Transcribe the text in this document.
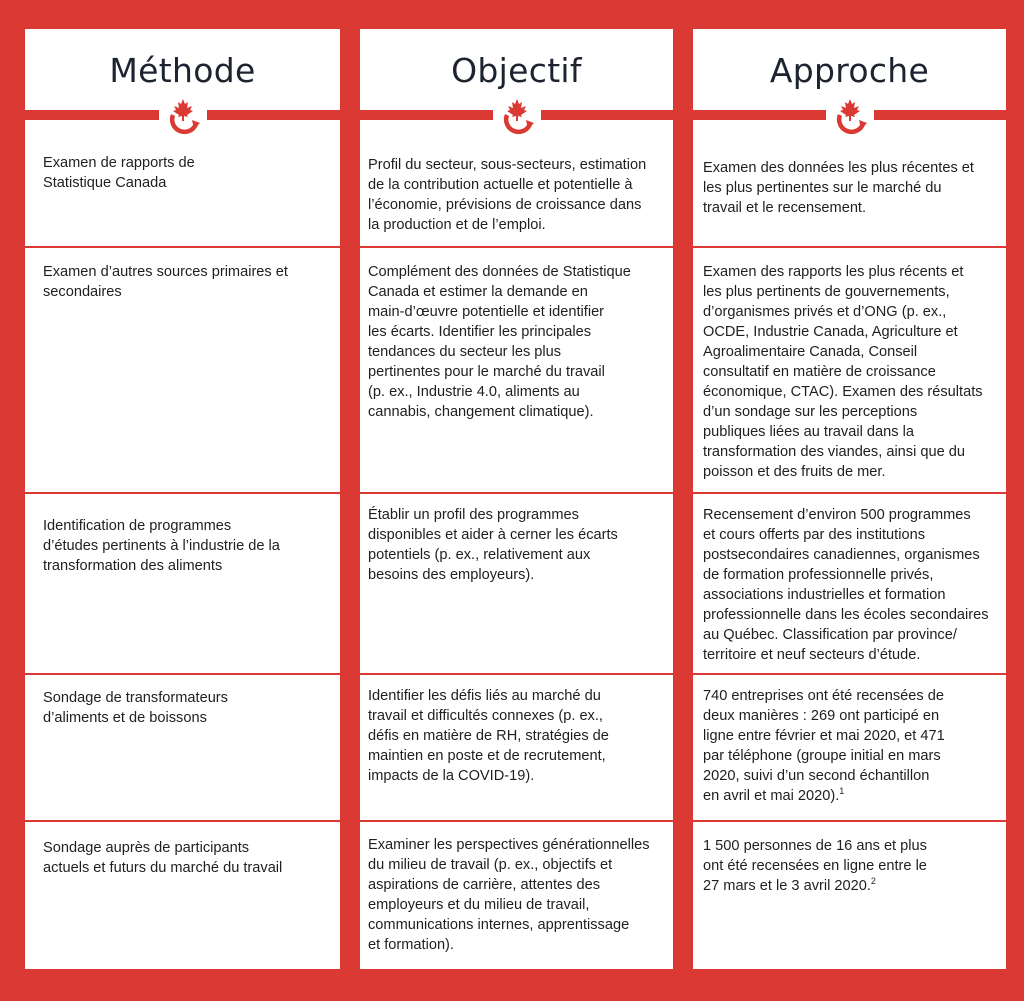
Méthode
Examen de rapports de
Statistique Canada
Examen d’autres sources primaires et
secondaires
Identification de programmes
d’études pertinents à l’industrie de la
transformation des aliments
Sondage de transformateurs
d’aliments et de boissons
Sondage auprès de participants
actuels et futurs du marché du travail
Objectif
Profil du secteur, sous-secteurs, estimation
de la contribution actuelle et potentielle à
l’économie, prévisions de croissance dans
la production et de l’emploi.
Complément des données de Statistique
Canada et estimer la demande en
main-d’œuvre potentielle et identifier
les écarts. Identifier les principales
tendances du secteur les plus
pertinentes pour le marché du travail
(p. ex., Industrie 4.0, aliments au
cannabis, changement climatique).
Établir un profil des programmes
disponibles et aider à cerner les écarts
potentiels (p. ex., relativement aux
besoins des employeurs).
Identifier les défis liés au marché du
travail et difficultés connexes (p. ex.,
défis en matière de RH, stratégies de
maintien en poste et de recrutement,
impacts de la COVID-19).
Examiner les perspectives générationnelles
du milieu de travail (p. ex., objectifs et
aspirations de carrière, attentes des
employeurs et du milieu de travail,
communications internes, apprentissage
et formation).
Approche
Examen des données les plus récentes et
les plus pertinentes sur le marché du
travail et le recensement.
Examen des rapports les plus récents et
les plus pertinents de gouvernements,
d’organismes privés et d’ONG (p. ex.,
OCDE, Industrie Canada, Agriculture et
Agroalimentaire Canada, Conseil
consultatif en matière de croissance
économique, CTAC). Examen des résultats
d’un sondage sur les perceptions
publiques liées au travail dans la
transformation des viandes, ainsi que du
poisson et des fruits de mer.
Recensement d’environ 500 programmes
et cours offerts par des institutions
postsecondaires canadiennes, organismes
de formation professionnelle privés,
associations industrielles et formation
professionnelle dans les écoles secondaires
au Québec. Classification par province/
territoire et neuf secteurs d’étude.
740 entreprises ont été recensées de
deux manières : 269 ont participé en
ligne entre février et mai 2020, et 471
par téléphone (groupe initial en mars
2020, suivi d’un second échantillon
en avril et mai 2020).$^1$
1 500 personnes de 16 ans et plus
ont été recensées en ligne entre le
27 mars et le 3 avril 2020.$^2$
